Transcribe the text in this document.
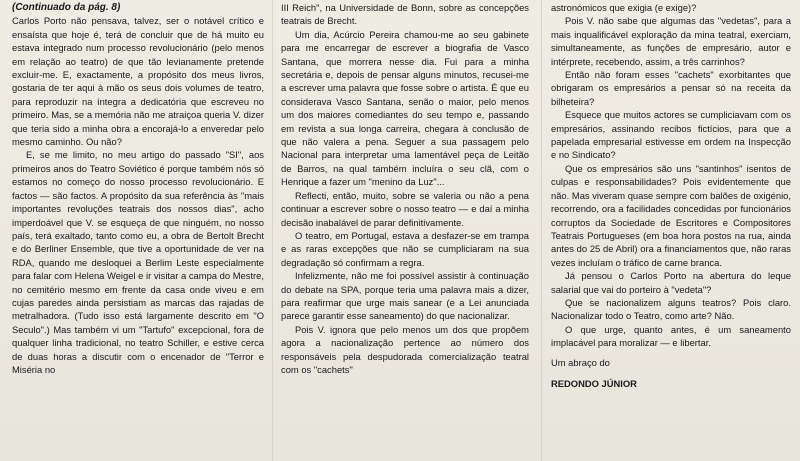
(Continuado da pág. 8)

Carlos Porto não pensava, talvez, ser o notável crítico e ensaísta que hoje é, terá de concluir que de há muito eu estava integrado num processo revolucionário (pelo menos em relação ao teatro) de que tão levianamente pretende excluir-me. E, exactamente, a propósito dos meus livros, gostaria de ter aqui à mão os seus dois volumes de teatro, para reproduzir na íntegra a dedicatória que escreveu no primeiro. Mas, se a memória não me atraiçoa queria V. dizer que teria sido a minha obra a encorajá-lo a enveredar pelo mesmo caminho. Ou não?

E, se me limito, no meu artigo do passado "SI", aos primeiros anos do Teatro Soviético é porque também nós só estamos no começo do nosso processo revolucionário. E factos — são factos. A propósito da sua referência às "mais importantes revoluções teatrais dos nossos dias", acho imperdoável que V. se esqueça de que ninguém, no nosso país, terá exaltado, tanto como eu, a obra de Bertolt Brecht e do Berliner Ensemble, que tive a oportunidade de ver na RDA, quando me desloquei a Berlim Leste especialmente para falar com Helena Weigel e ir visitar a campa do Mestre, no cemitério mesmo em frente da casa onde viveu e em cujas paredes ainda persistiam as marcas das rajadas de metralhadora. (Tudo isso está largamente descrito em "O Seculo".) Mas também vi um "Tartufo" excepcional, fora de qualquer linha tradicional, no teatro Schiller, e estive cerca de duas horas a discutir com o encenador de "Terror e Miséria no

III Reich", na Universidade de Bonn, sobre as concepções teatrais de Brecht.

Um dia, Acúrcio Pereira chamou-me ao seu gabinete para me encarregar de escrever a biografia de Vasco Santana, que morrera nesse dia. Fui para a minha secretária e, depois de pensar alguns minutos, recusei-me a escrever uma palavra que fosse sobre o artista. É que eu considerava Vasco Santana, senão o maior, pelo menos um dos maiores comediantes do seu tempo e, passando em revista a sua longa carreira, chegara à conclusão de que não valera a pena. Seguer a sua passagem pelo Nacional para interpretar uma lamentável peça de Leitão de Barros, na qual também incluíra o seu clã, com o Henrique a fazer um "menino da Luz"...

Reflecti, então, muito, sobre se valeria ou não a pena continuar a escrever sobre o nosso teatro — e daí a minha decisão inabalável de parar definitivamente.

O teatro, em Portugal, estava a desfazer-se em trampa e as raras excepções que não se cumpliciaram na sua degradação só confirmam a regra.

Infelizmente, não me foi possível assistir à continuação do debate na SPA, porque teria uma palavra mais a dizer, para reafirmar que urge mais sanear (e a Lei anunciada parece garantir esse saneamento) do que nacionalizar.

Pois V. ignora que pelo menos um dos que propõem agora a nacionalização pertence ao número dos responsáveis pela despudorada comercialização teatral com os "cachets"

astronómicos que exigia (e exige)?

Pois V. não sabe que algumas das "vedetas", para a mais inqualificável exploração da mina teatral, exerciam, simultaneamente, as funções de empresário, autor e intérprete, recebendo, assim, a três carrinhos?

Então não foram esses "cachets" exorbitantes que obrigaram os empresários a pensar só na receita da bilheteira?

Esquece que muitos actores se cumpliciavam com os empresários, assinando recibos fictícios, para que a papelada empresarial estivesse em ordem na Inspecção e no Sindicato?

Que os empresários são uns "santinhos" isentos de culpas e responsabilidades? Pois evidentemente que não. Mas viveram quase sempre com balões de oxigénio, recorrendo, ora a facilidades concedidas por funcionários corruptos da Sociedade de Escritores e Compositores Teatrais Portugueses (em boa hora postos na rua, ainda antes do 25 de Abril) ora a financiamentos que, não raras vezes incluíam o tráfico de carne branca.

Já pensou o Carlos Porto na abertura do leque salarial que vai do porteiro à "vedeta"?

Que se nacionalizem alguns teatros? Pois claro. Nacionalizar todo o Teatro, como arte? Não.

O que urge, quanto antes, é um saneamento implacável para moralizar — e libertar.

Um abraço do

REDONDO JÚNIOR
